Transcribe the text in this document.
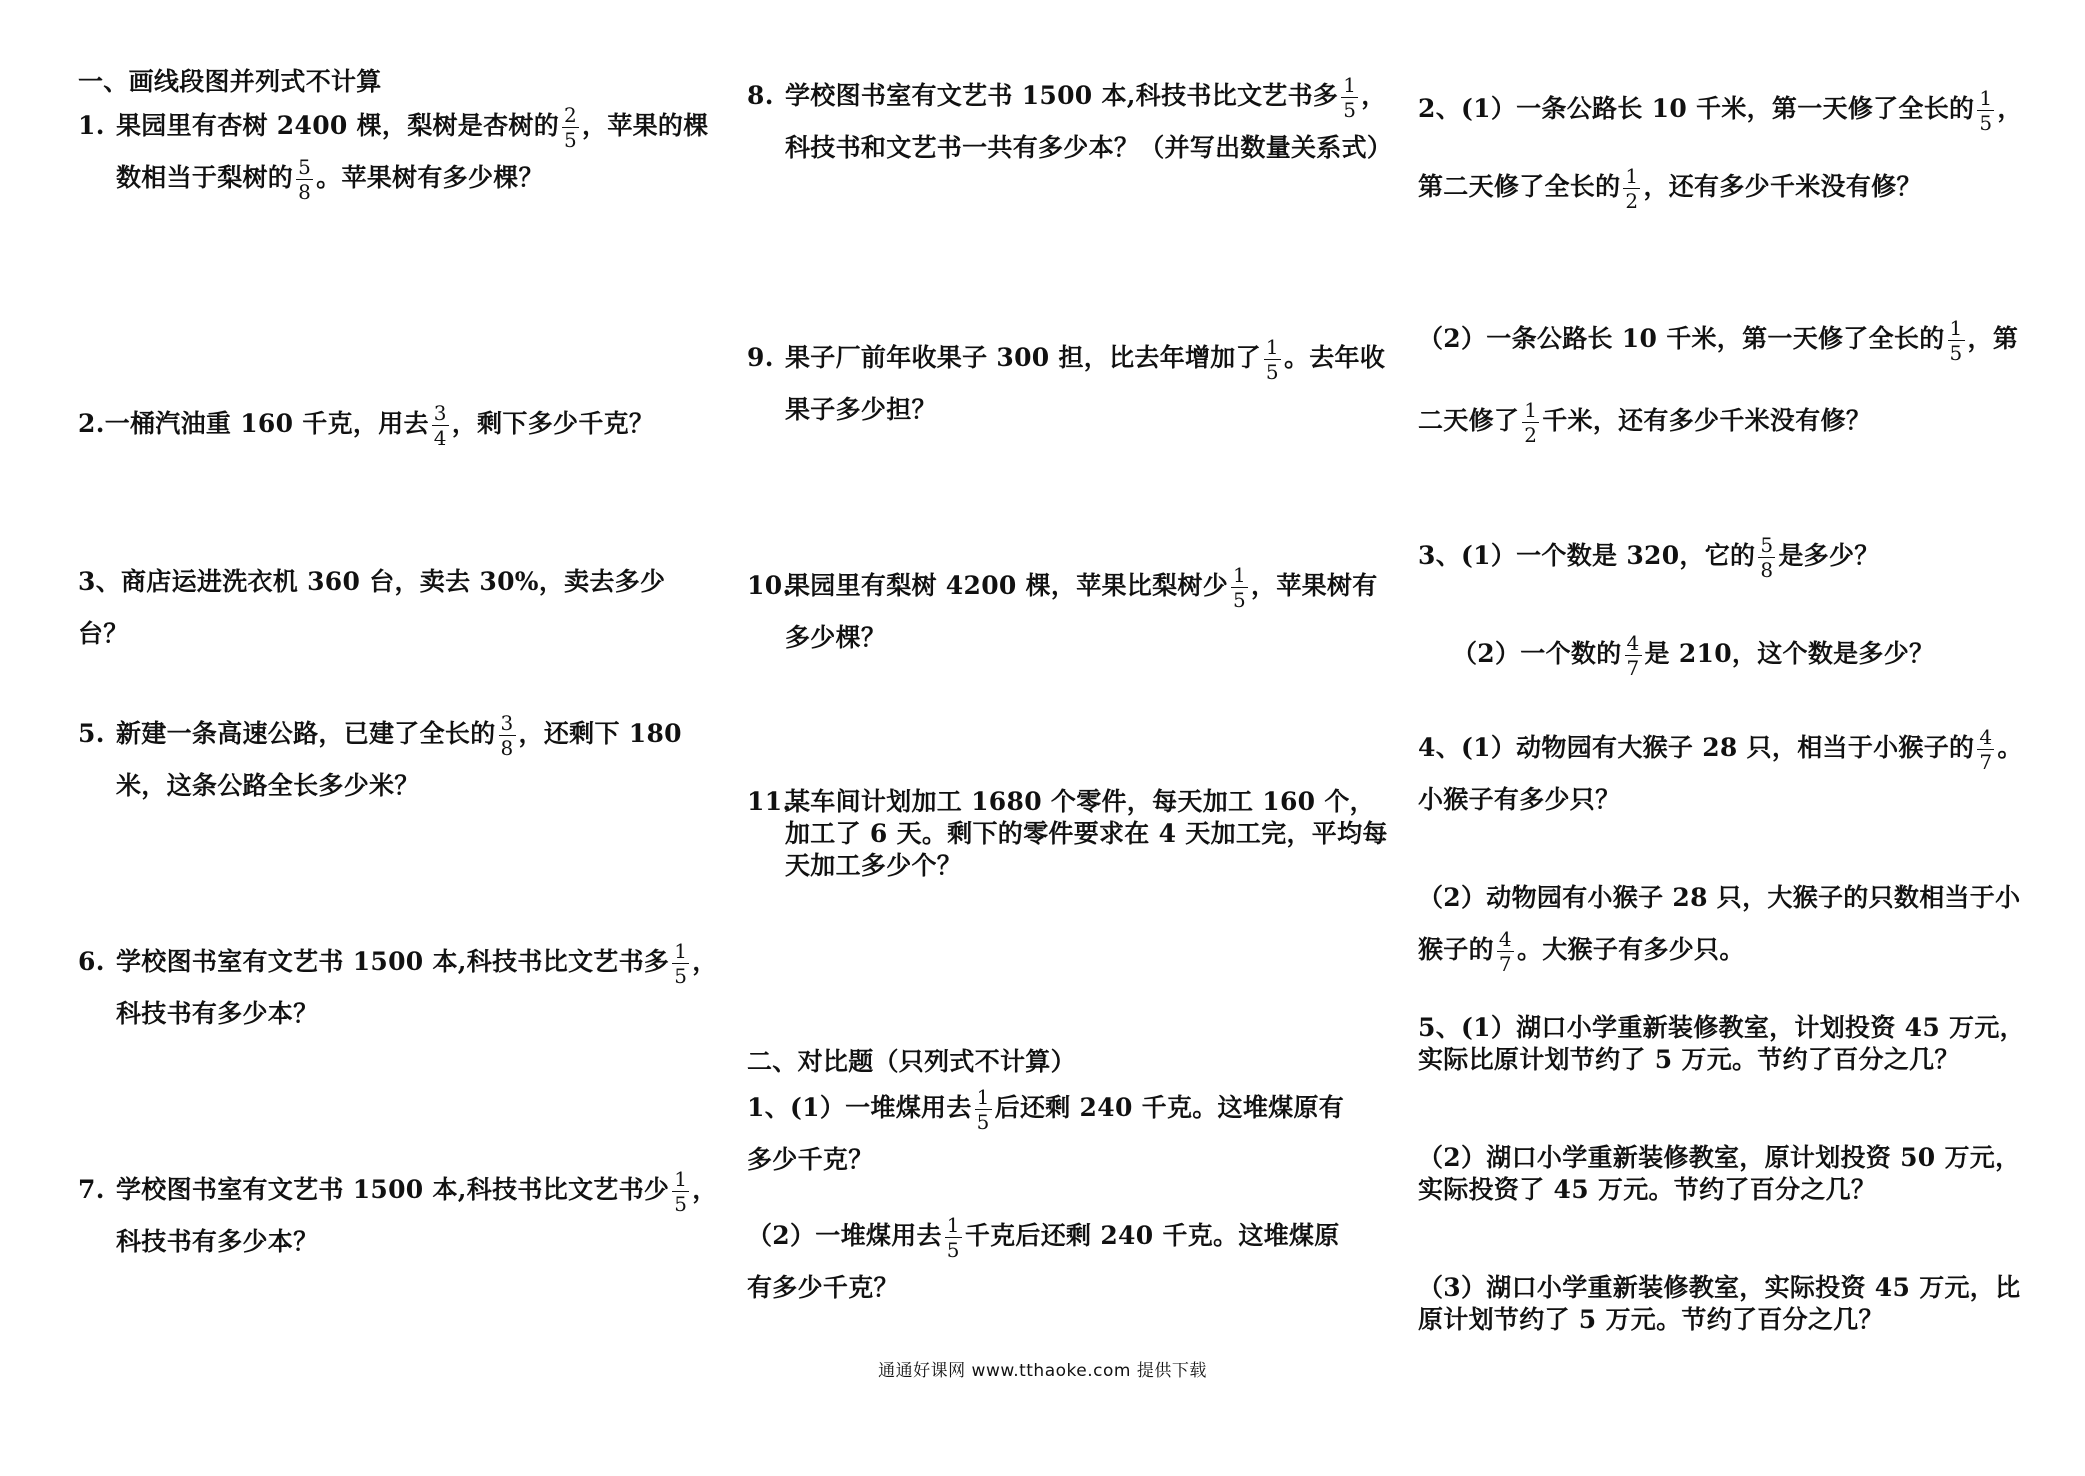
一、画线段图并列式不计算
1. 果园里有杏树 2400 棵，梨树是杏树的 $\frac{2}{5}$ ，苹果的棵数相当于梨树的 $\frac{5}{8}$ 。苹果树有多少棵？
2.一桶汽油重 160 千克，用去 $\frac{3}{4}$ ，剩下多少千克？
3、商店运进洗衣机 360 台，卖去 30%，卖去多少台？
5. 新建一条高速公路，已建了全长的 $\frac{3}{8}$ ，还剩下 180 米，这条公路全长多少米？
6. 学校图书室有文艺书 1500 本,科技书比文艺书多 $\frac{1}{5}$ ，科技书有多少本？
7. 学校图书室有文艺书 1500 本,科技书比文艺书少 $\frac{1}{5}$ ，科技书有多少本？
8. 学校图书室有文艺书 1500 本,科技书比文艺书多 $\frac{1}{5}$ ，科技书和文艺书一共有多少本？（并写出数量关系式）
9. 果子厂前年收果子 300 担，比去年增加了 $\frac{1}{5}$ 。去年收果子多少担？
10.果园里有梨树 4200 棵，苹果比梨树少 $\frac{1}{5}$ ，苹果树有多少棵？
11.某车间计划加工 1680 个零件，每天加工 160 个，加工了 6 天。剩下的零件要求在 4 天加工完，平均每天加工多少个？
二、对比题（只列式不计算）
1、(1）一堆煤用去 $\frac{1}{5}$ 后还剩 240 千克。这堆煤原有多少千克？
（2）一堆煤用去 $\frac{1}{5}$ 千克后还剩 240 千克。这堆煤原有多少千克？
2、(1）一条公路长 10 千米，第一天修了全长的 $\frac{1}{5}$ ，第二天修了全长的 $\frac{1}{2}$ ，还有多少千米没有修？
（2）一条公路长 10 千米，第一天修了全长的 $\frac{1}{5}$ ，第二天修了 $\frac{1}{2}$ 千米，还有多少千米没有修？
3、(1）一个数是 320，它的 $\frac{5}{8}$ 是多少？
（2）一个数的 $\frac{4}{7}$ 是 210，这个数是多少？
4、(1）动物园有大猴子 28 只，相当于小猴子的 $\frac{4}{7}$ 。小猴子有多少只？
（2）动物园有小猴子 28 只，大猴子的只数相当于小猴子的 $\frac{4}{7}$ 。大猴子有多少只。
5、(1）湖口小学重新装修教室，计划投资 45 万元，实际比原计划节约了 5 万元。节约了百分之几？
（2）湖口小学重新装修教室，原计划投资 50 万元，实际投资了 45 万元。节约了百分之几？
（3）湖口小学重新装修教室，实际投资 45 万元，比原计划节约了 5 万元。节约了百分之几？
通通好课网 www.tthaoke.com 提供下载
